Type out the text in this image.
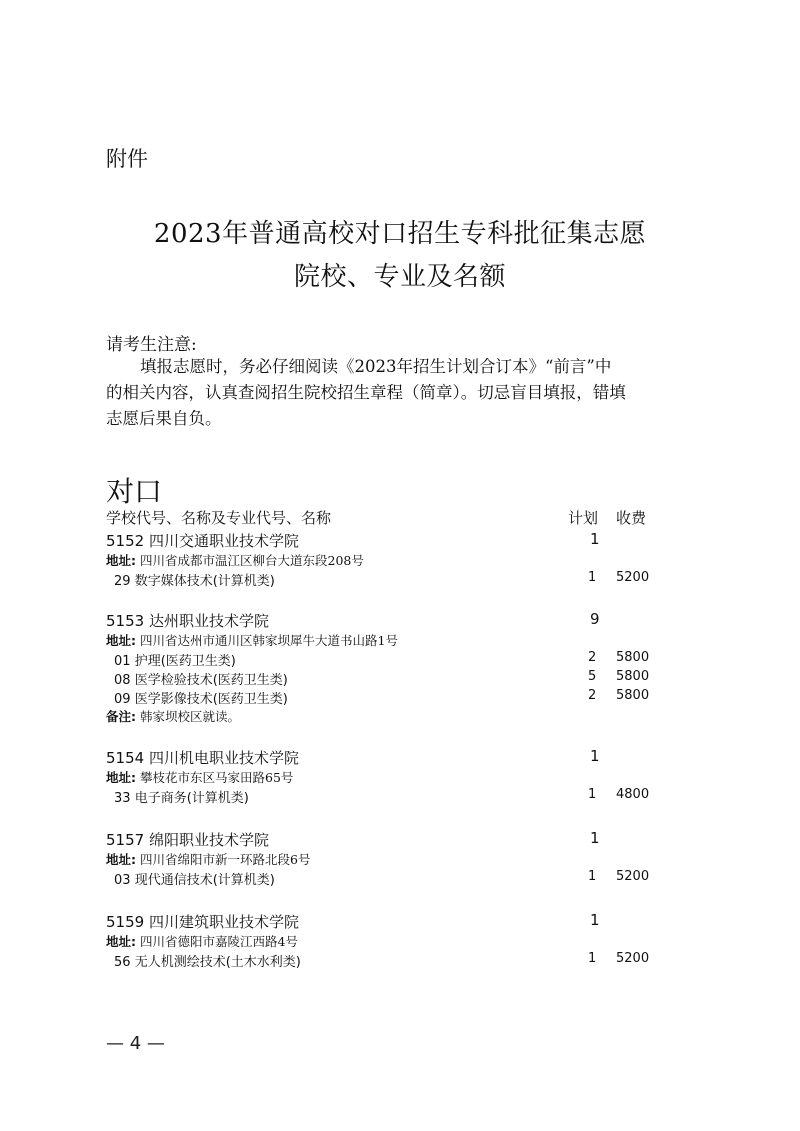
附件
2023年普通高校对口招生专科批征集志愿
院校、专业及名额
请考生注意:
填报志愿时，务必仔细阅读《2023年招生计划合订本》“前言”中
的相关内容，认真查阅招生院校招生章程（简章）。切忌盲目填报，错填
志愿后果自负。
对口
学校代号、名称及专业代号、名称	计划 收费
5152 四川交通职业技术学院	1
地址: 四川省成都市温江区柳台大道东段208号
29 数字媒体技术(计算机类)	1 5200
5153 达州职业技术学院	9
地址: 四川省达州市通川区韩家坝犀牛大道书山路1号
01 护理(医药卫生类)	2 5800
08 医学检验技术(医药卫生类)	5 5800
09 医学影像技术(医药卫生类)	2 5800
备注: 韩家坝校区就读。
5154 四川机电职业技术学院	1
地址: 攀枝花市东区马家田路65号
33 电子商务(计算机类)	1 4800
5157 绵阳职业技术学院	1
地址: 四川省绵阳市新一环路北段6号
03 现代通信技术(计算机类)	1 5200
5159 四川建筑职业技术学院	1
地址: 四川省德阳市嘉陵江西路4号
56 无人机测绘技术(土木水利类)	1 5200
— 4 —
